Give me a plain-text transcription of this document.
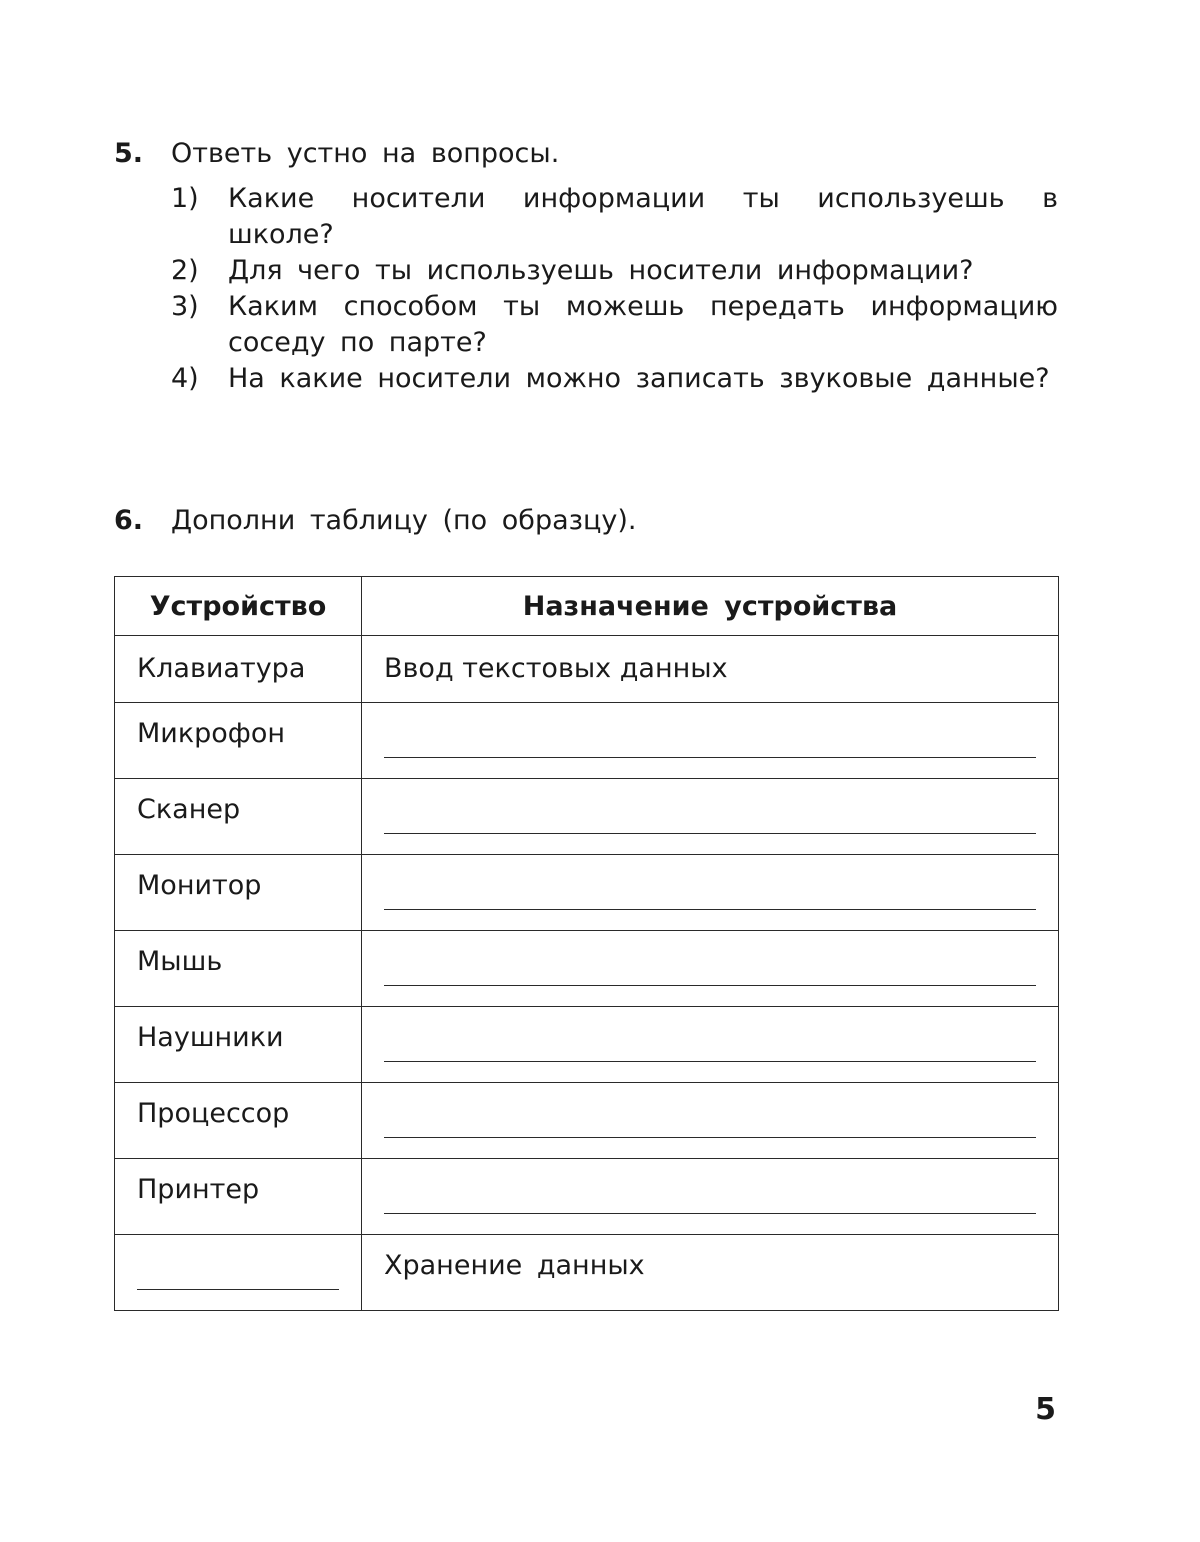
5.	Ответь устно на вопросы.
1)	Какие носители информации ты используешь в школе?
2)	Для чего ты используешь носители информации?
3)	Каким способом ты можешь передать информацию соседу по парте?
4)	На какие носители можно записать звуковые данные?
6.	Дополни таблицу (по образцу).
Устройство	Назначение устройства
Клавиатура	Ввод текстовых данных

Микрофон	

Сканер	

Монитор	

Мышь	

Наушники	

Процессор	

Принтер	

	Хранение данных
5
